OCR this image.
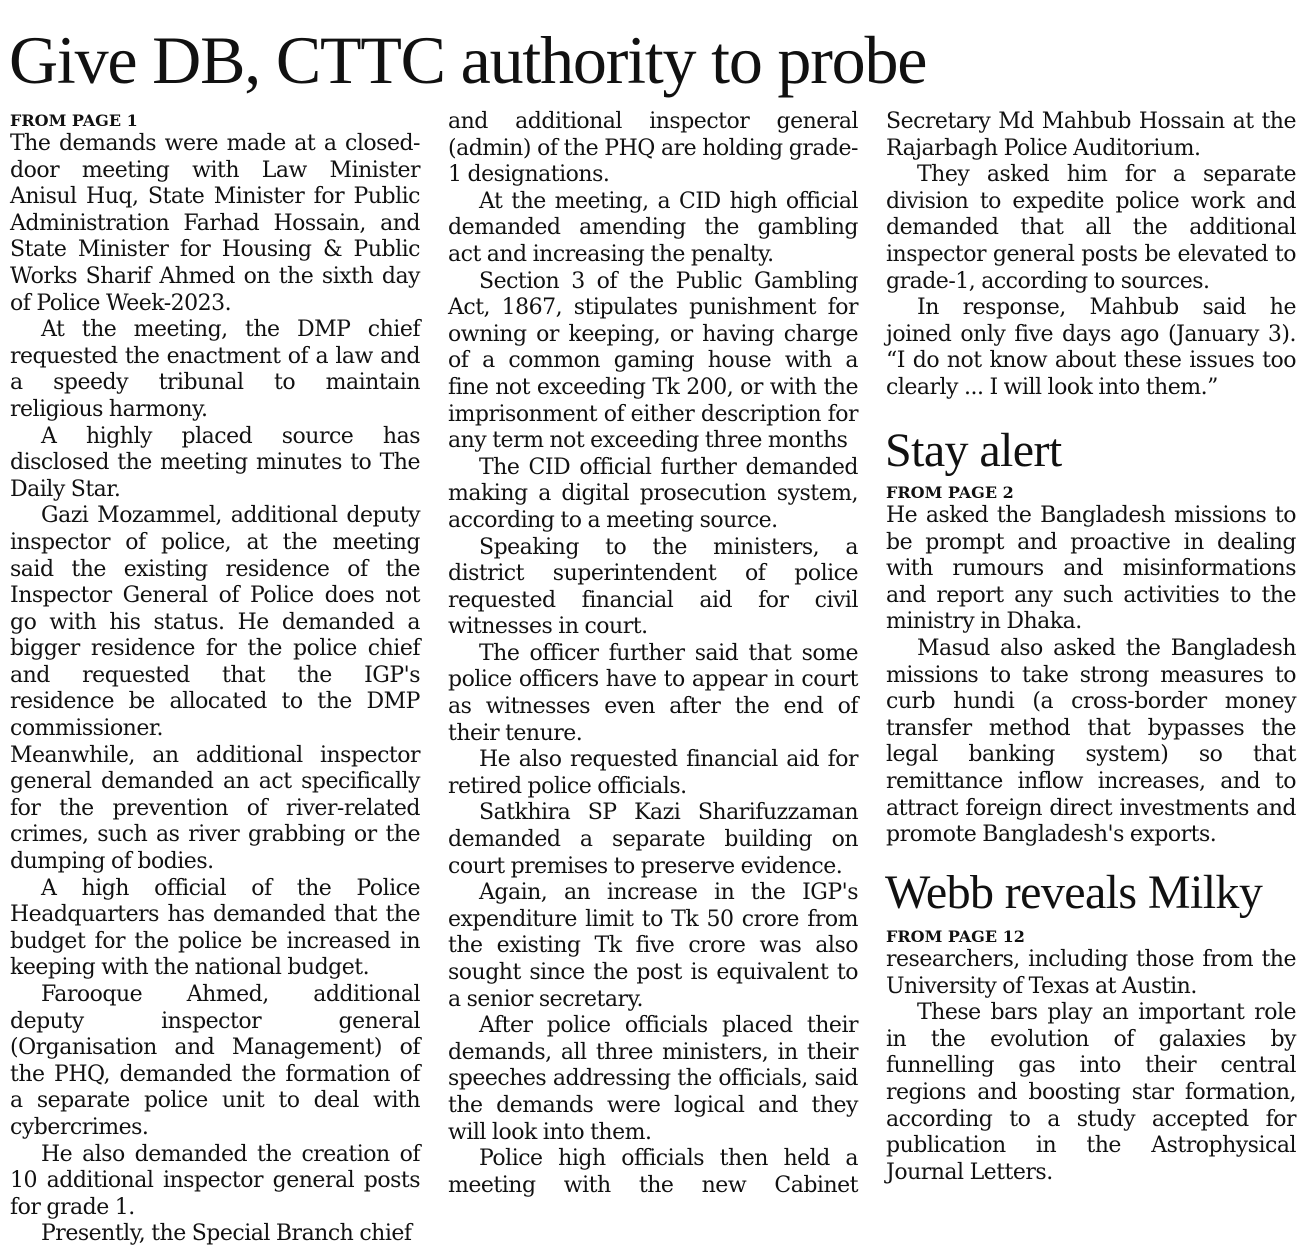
Give DB, CTTC authority to probe
FROM PAGE 1

The demands were made at a closed-door meeting with Law Minister Anisul Huq, State Minister for Public Administration Farhad Hossain, and State Minister for Housing & Public Works Sharif Ahmed on the sixth day of Police Week-2023.

At the meeting, the DMP chief requested the enactment of a law and a speedy tribunal to maintain religious harmony.

A highly placed source has disclosed the meeting minutes to The Daily Star.

Gazi Mozammel, additional deputy inspector of police, at the meeting said the existing residence of the Inspector General of Police does not go with his status. He demanded a bigger residence for the police chief and requested that the IGP's residence be allocated to the DMP commissioner.

Meanwhile, an additional inspector general demanded an act specifically for the prevention of river-related crimes, such as river grabbing or the dumping of bodies.

A high official of the Police Headquarters has demanded that the budget for the police be increased in keeping with the national budget.

Farooque Ahmed, additional deputy inspector general (Organisation and Management) of the PHQ, demanded the formation of a separate police unit to deal with cybercrimes.

He also demanded the creation of 10 additional inspector general posts for grade 1.

Presently, the Special Branch chief

and additional inspector general (admin) of the PHQ are holding grade-1 designations.

At the meeting, a CID high official demanded amending the gambling act and increasing the penalty.

Section 3 of the Public Gambling Act, 1867, stipulates punishment for owning or keeping, or having charge of a common gaming house with a fine not exceeding Tk 200, or with the imprisonment of either description for any term not exceeding three months

The CID official further demanded making a digital prosecution system, according to a meeting source.

Speaking to the ministers, a district superintendent of police requested financial aid for civil witnesses in court.

The officer further said that some police officers have to appear in court as witnesses even after the end of their tenure.

He also requested financial aid for retired police officials.

Satkhira SP Kazi Sharifuzzaman demanded a separate building on court premises to preserve evidence.

Again, an increase in the IGP's expenditure limit to Tk 50 crore from the existing Tk five crore was also sought since the post is equivalent to a senior secretary.

After police officials placed their demands, all three ministers, in their speeches addressing the officials, said the demands were logical and they will look into them.

Police high officials then held a meeting with the new Cabinet

Secretary Md Mahbub Hossain at the Rajarbagh Police Auditorium.

They asked him for a separate division to expedite police work and demanded that all the additional inspector general posts be elevated to grade-1, according to sources.

In response, Mahbub said he joined only five days ago (January 3). “I do not know about these issues too clearly ... I will look into them.”

Stay alert
FROM PAGE 2

He asked the Bangladesh missions to be prompt and proactive in dealing with rumours and misinformations and report any such activities to the ministry in Dhaka.

Masud also asked the Bangladesh missions to take strong measures to curb hundi (a cross-border money transfer method that bypasses the legal banking system) so that remittance inflow increases, and to attract foreign direct investments and promote Bangladesh's exports.

Webb reveals Milky
FROM PAGE 12

researchers, including those from the University of Texas at Austin.

These bars play an important role in the evolution of galaxies by funnelling gas into their central regions and boosting star formation, according to a study accepted for publication in the Astrophysical Journal Letters.
